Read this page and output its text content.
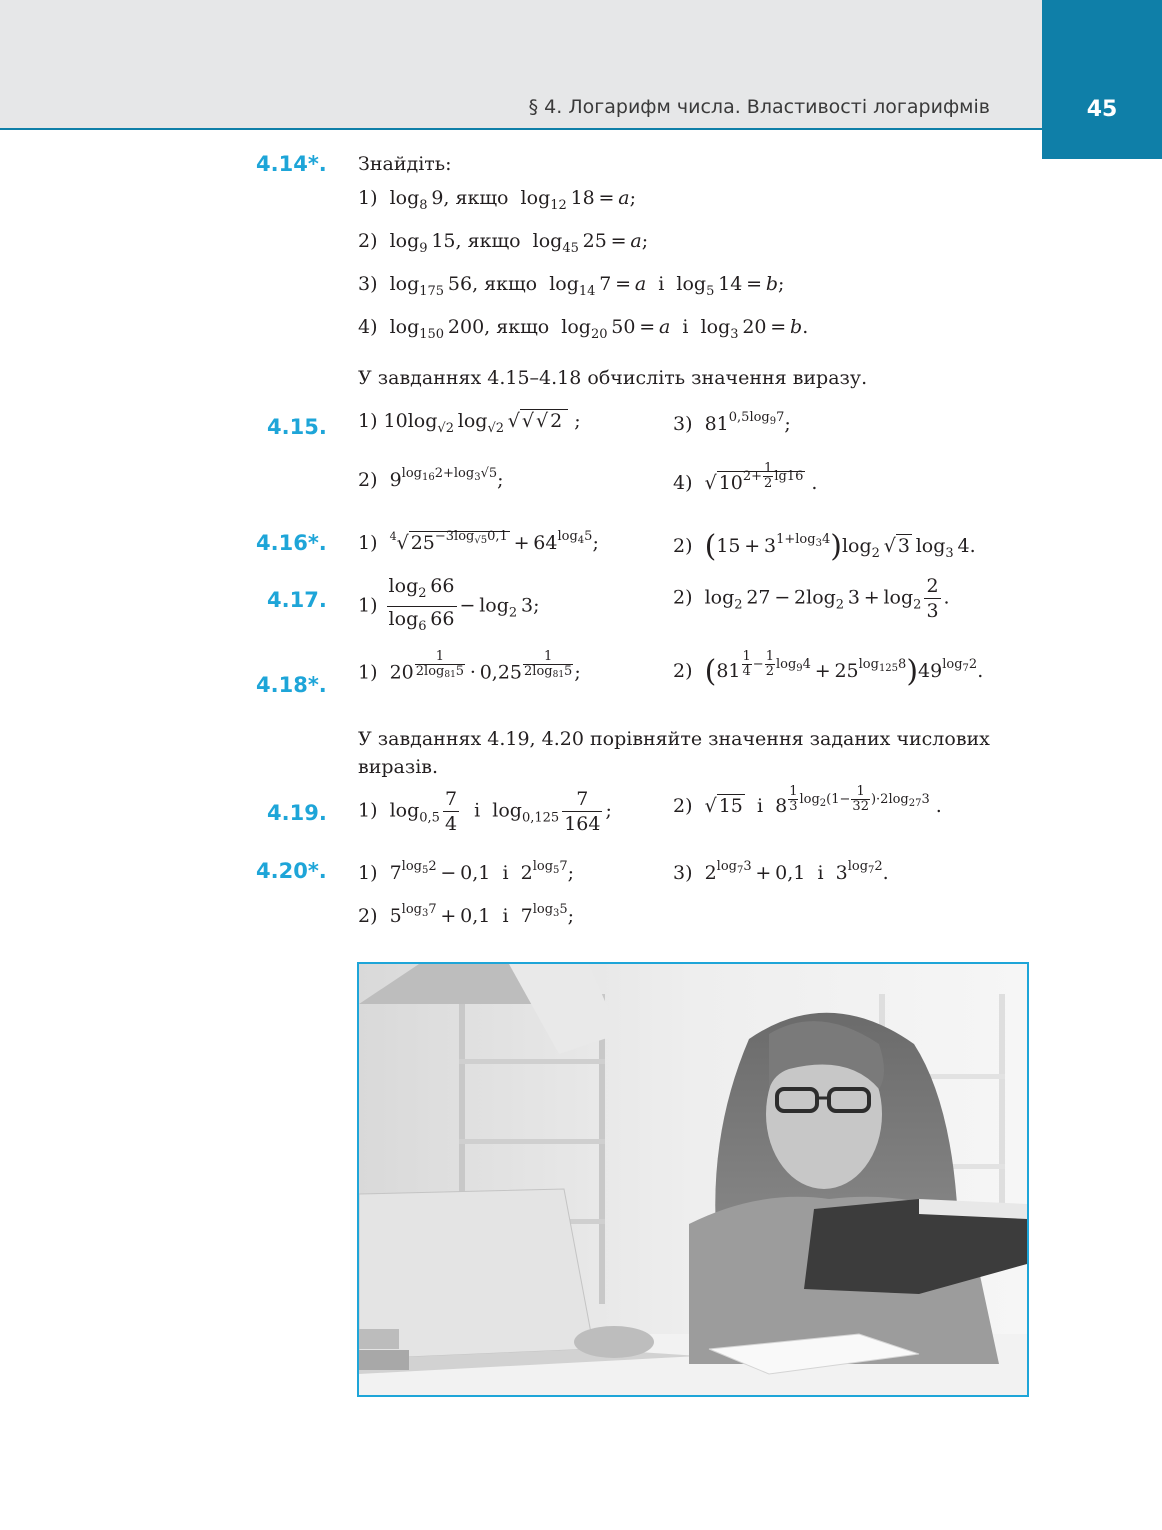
§ 4. Логарифм числа. Властивості логарифмів	45
4.14*. Знайдіть:
1)  $\log_8 9$, якщо  $\log_{12} 18 = a$;
2)  $\log_9 15$, якщо  $\log_{45} 25 = a$;
3)  $\log_{175} 56$, якщо  $\log_{14} 7 = a$  і  $\log_5 14 = b$;
4)  $\log_{150} 200$, якщо  $\log_{20} 50 = a$  і  $\log_3 20 = b$.
У завданнях 4.15–4.18 обчисліть значення виразу.
4.15. 1) $10\log_{√2}$ $\log_{√2}$ √ √ √ 2 ;	3)  $81^{0,5log_97}$;
2)  $9^{log_{16}2+log_3√5}$;	4)  √ $10^{2+ \frac{1}{2} lg16}$ .
4.16*. 1)  $^4$√ $25^{-3log_{√5}0,1} + 64^{log_45}$;	2)  $(15 + 3^{1+log_34})\log_2$ √ 3 $\log_3 4$.
4.17. $1) \frac{\log_2 66}{\log_6 66} - \log_2 3$;	2)  $\log_2 27 - 2\log_2$ $3 + \log_2 \frac{2}{3}$ .
4.18*.
1)  20 $^{\frac{1}{2\log_{81}5}}$  · 0,25 $^{\frac{1}{2\log_{81}5}}$ ;	2)  (81 $^{\frac{1}{4} - \frac{1}{2} log_94} + 25^{log_{125}8})49^{log_72}$.
У завданнях 4.19, 4.20 порівняйте значення заданих числових виразів.
4.19. 1)  $\log_{0,5} \frac{7}{4}$ і  $\log_{0,125} \frac{7}{164}$ ;	2)  √ 15  і  8 $^{\frac{1}{3} log_2(1- \frac{1}{32} )\cdot 2log_{27}3}$ .
4.20*. 1)  $7^{log_52} - 0,1$  і  $2^{log_57}$;	3)  $2^{log_73} + 0,1$  і  $3^{log_72}$.
2)  $5^{log_37} + 0,1$  і  $7^{log_35}$;
